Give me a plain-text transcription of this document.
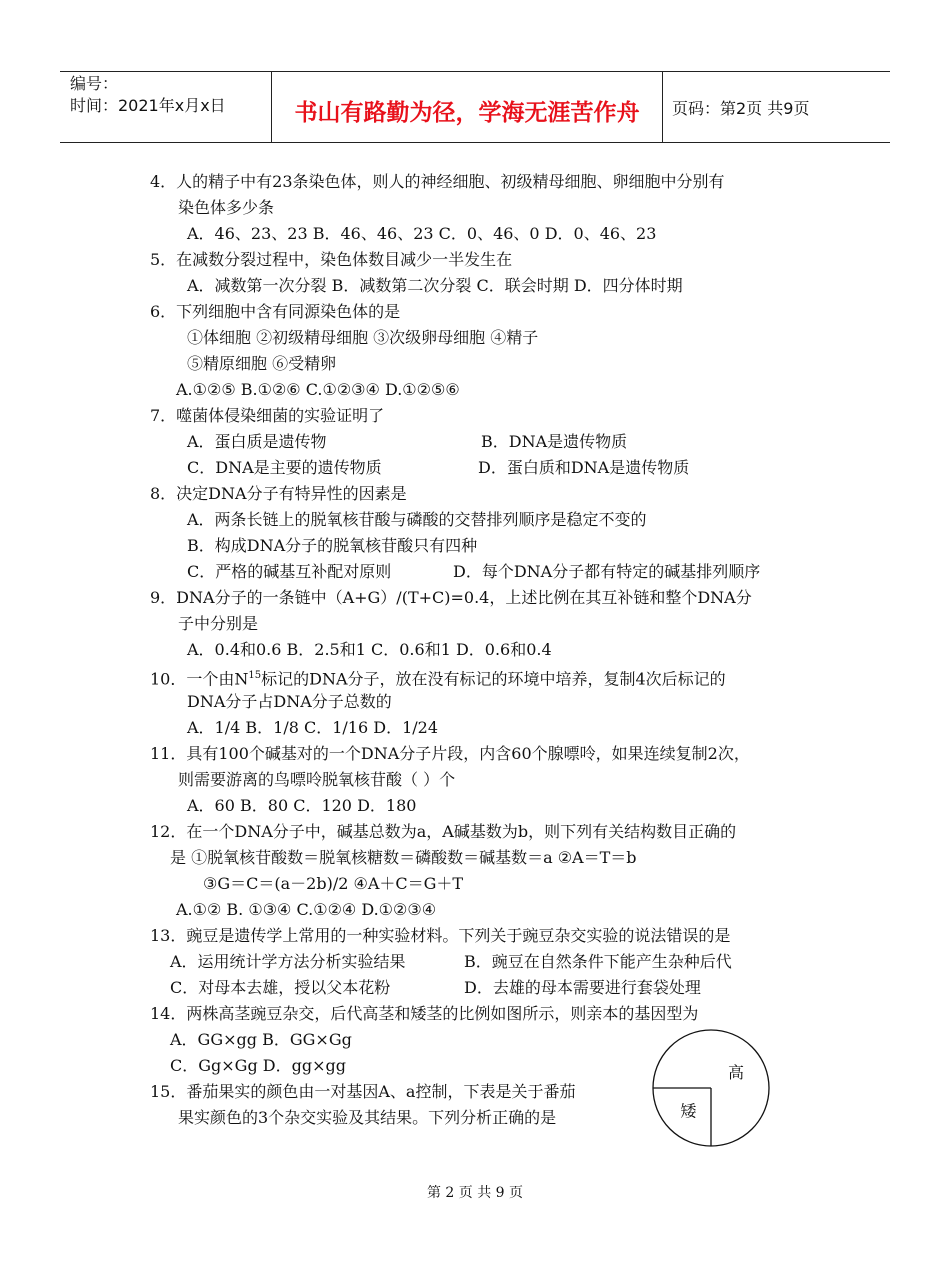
编号：
时间：2021年x月x日	书山有路勤为径，学海无涯苦作舟	页码：第2页 共9页
4．人的精子中有23条染色体，则人的神经细胞、初级精母细胞、卵细胞中分别有
染色体多少条
A．46、23、23 B．46、46、23 C．0、46、0 D．0、46、23
5．在减数分裂过程中，染色体数目减少一半发生在
A．减数第一次分裂 B．减数第二次分裂 C．联会时期 D．四分体时期
6．下列细胞中含有同源染色体的是
①体细胞 ②初级精母细胞 ③次级卵母细胞 ④精子
⑤精原细胞 ⑥受精卵
A.①②⑤ B.①②⑥ C.①②③④ D.①②⑤⑥
7．噬菌体侵染细菌的实验证明了
A．蛋白质是遗传物	B．DNA是遗传物质
C．DNA是主要的遗传物质	D．蛋白质和DNA是遗传物质
8．决定DNA分子有特异性的因素是
A．两条长链上的脱氧核苷酸与磷酸的交替排列顺序是稳定不变的
B．构成DNA分子的脱氧核苷酸只有四种
C．严格的碱基互补配对原则	D．每个DNA分子都有特定的碱基排列顺序
9．DNA分子的一条链中（A+G）/(T+C)=0.4，上述比例在其互补链和整个DNA分
子中分别是
A．0.4和0.6 B．2.5和1 C．0.6和1 D．0.6和0.4
10．一个由$N^{15}$标记的DNA分子，放在没有标记的环境中培养，复制4次后标记的
DNA分子占DNA分子总数的
A．1/4 B．1/8 C．1/16 D．1/24
11．具有100个碱基对的一个DNA分子片段，内含60个腺嘌呤，如果连续复制2次，
则需要游离的鸟嘌呤脱氧核苷酸（ ）个
A．60 B．80 C．120 D．180
12．在一个DNA分子中，碱基总数为a，A碱基数为b，则下列有关结构数目正确的
是 ①脱氧核苷酸数＝脱氧核糖数＝磷酸数＝碱基数＝a ②A＝T＝b
③G＝C＝(a－2b)/2 ④A＋C＝G＋T
A.①② B. ①③④ C.①②④ D.①②③④
13．豌豆是遗传学上常用的一种实验材料。下列关于豌豆杂交实验的说法错误的是
A．运用统计学方法分析实验结果	B．豌豆在自然条件下能产生杂种后代
C．对母本去雄，授以父本花粉	D．去雄的母本需要进行套袋处理
14．两株高茎豌豆杂交，后代高茎和矮茎的比例如图所示，则亲本的基因型为
A．GG×gg B．GG×Gg
C．Gg×Gg D．gg×gg
15．番茄果实的颜色由一对基因A、a控制，下表是关于番茄
果实颜色的3个杂交实验及其结果。下列分析正确的是	矮
高
第 2 页 共 9 页
